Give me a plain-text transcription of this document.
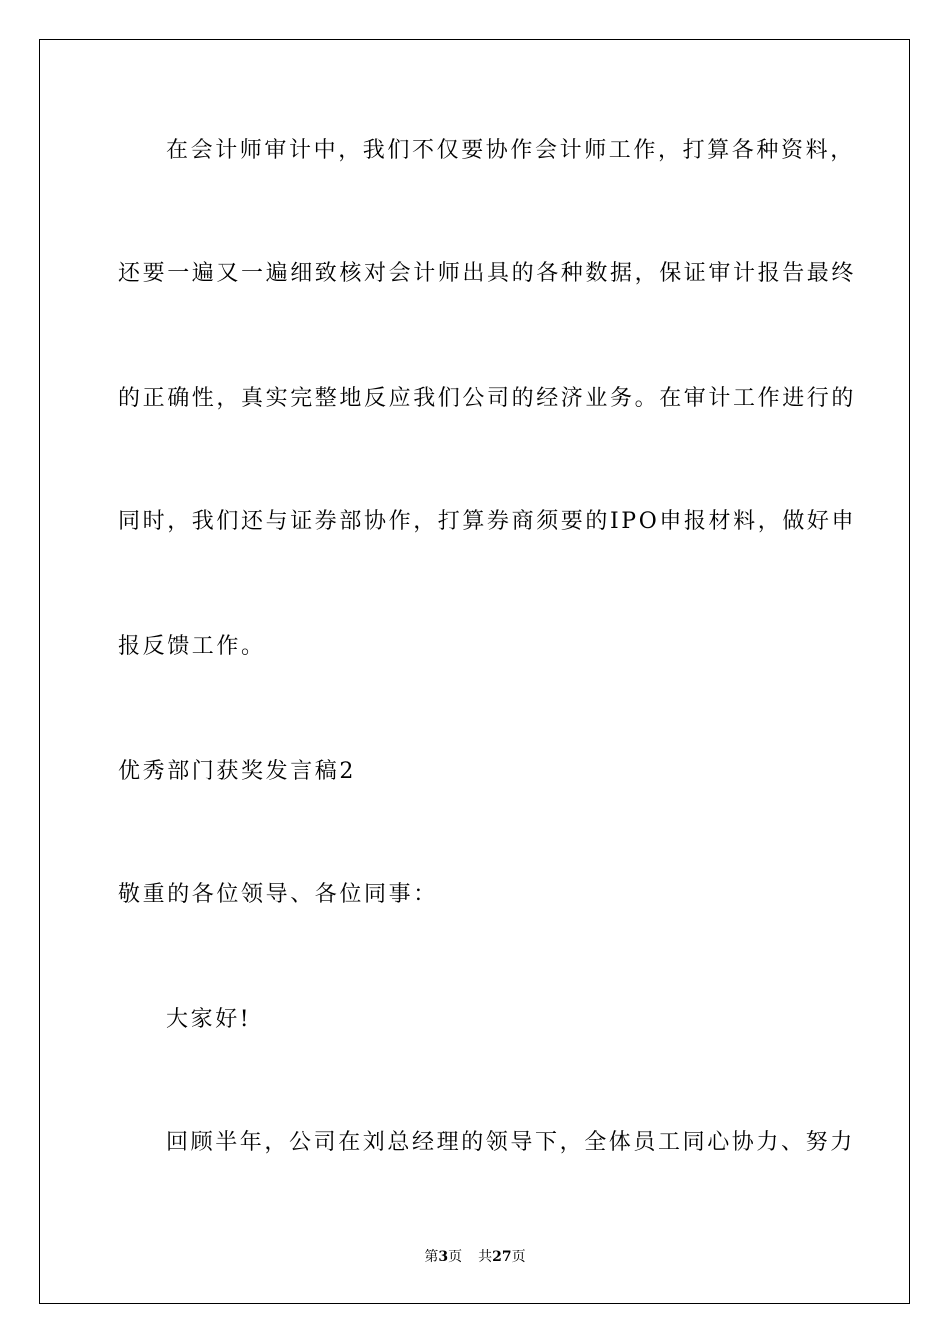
在会计师审计中，我们不仅要协作会计师工作，打算各种资料，
还要一遍又一遍细致核对会计师出具的各种数据，保证审计报告最终
的正确性，真实完整地反应我们公司的经济业务。在审计工作进行的
同时，我们还与证券部协作，打算券商须要的IPO申报材料，做好申
报反馈工作。
优秀部门获奖发言稿2
敬重的各位领导、各位同事：
大家好!
回顾半年，公司在刘总经理的领导下，全体员工同心协力、努力
第3页 共27页
